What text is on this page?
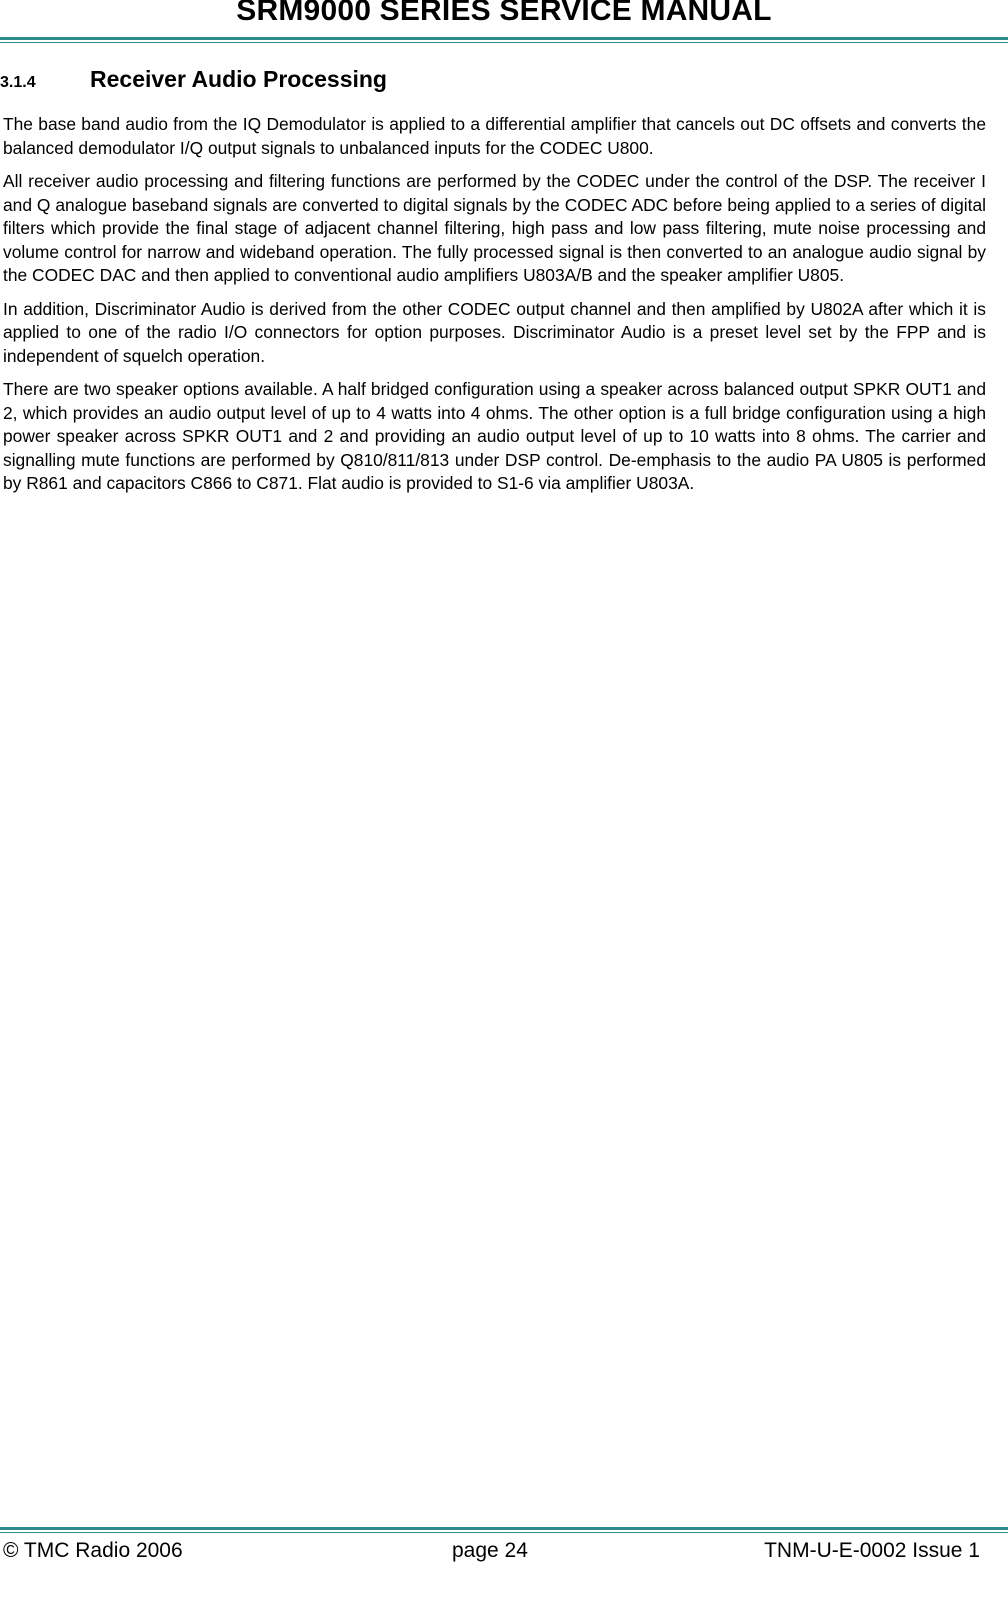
SRM9000 SERIES SERVICE MANUAL
3.1.4 Receiver Audio Processing

The base band audio from the IQ Demodulator is applied to a differential amplifier that cancels out DC offsets and converts the balanced demodulator I/Q output signals to unbalanced inputs for the CODEC U800.

All receiver audio processing and filtering functions are performed by the CODEC under the control of the DSP. The receiver I and Q analogue baseband signals are converted to digital signals by the CODEC ADC before being applied to a series of digital filters which provide the final stage of adjacent channel filtering, high pass and low pass filtering, mute noise processing and volume control for narrow and wideband operation. The fully processed signal is then converted to an analogue audio signal by the CODEC DAC and then applied to conventional audio amplifiers U803A/B and the speaker amplifier U805.

In addition, Discriminator Audio is derived from the other CODEC output channel and then amplified by U802A after which it is applied to one of the radio I/O connectors for option purposes. Discriminator Audio is a preset level set by the FPP and is independent of squelch operation.

There are two speaker options available. A half bridged configuration using a speaker across balanced output SPKR OUT1 and 2, which provides an audio output level of up to 4 watts into 4 ohms. The other option is a full bridge configuration using a high power speaker across SPKR OUT1 and 2 and providing an audio output level of up to 10 watts into 8 ohms. The carrier and signalling mute functions are performed by Q810/811/813 under DSP control. De-emphasis to the audio PA U805 is performed by R861 and capacitors C866 to C871. Flat audio is provided to S1-6 via amplifier U803A.

© TMC Radio 2006	page 24	TNM-U-E-0002 Issue 1
